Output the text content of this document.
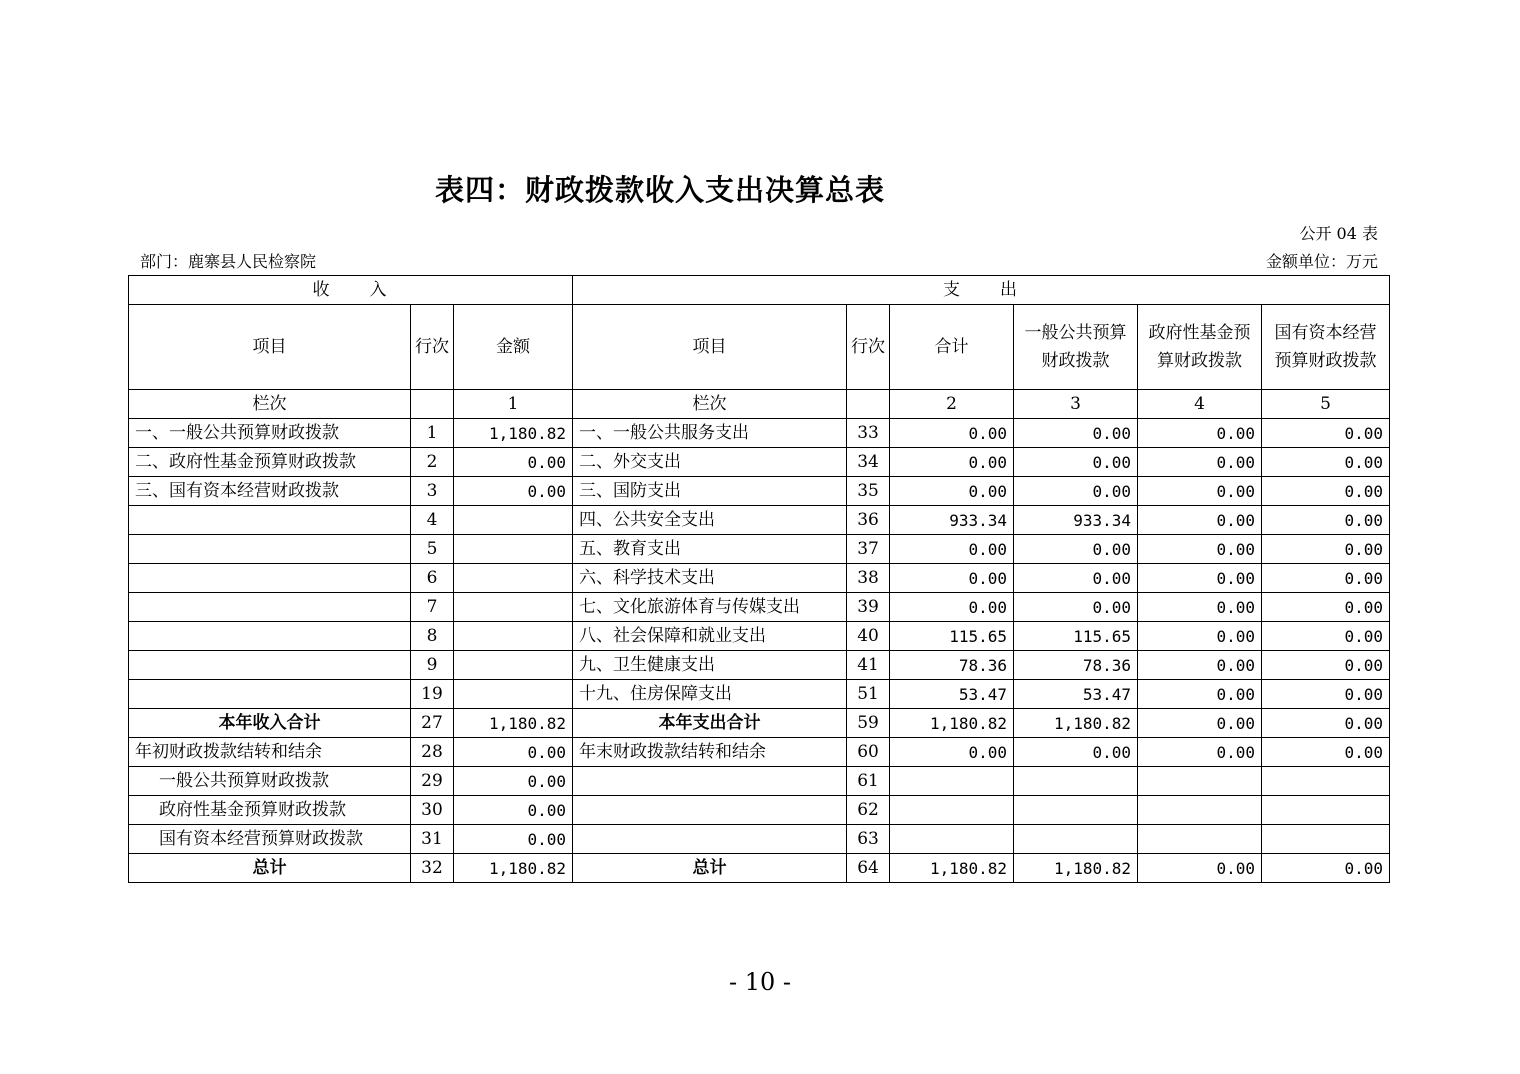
表四：财政拨款收入支出决算总表
公开 04 表
部门：鹿寨县人民检察院	金额单位：万元
收　　入			支　　出					
项目	行次	金额	项目	行次	合计	一般公共预算财政拨款	政府性基金预算财政拨款	国有资本经营预算财政拨款
栏次		1	栏次		2	3	4	5
一、一般公共预算财政拨款	1	1,180.82	一、一般公共服务支出	33	0.00	0.00	0.00	0.00
二、政府性基金预算财政拨款	2	0.00	二、外交支出	34	0.00	0.00	0.00	0.00
三、国有资本经营财政拨款	3	0.00	三、国防支出	35	0.00	0.00	0.00	0.00
	4		四、公共安全支出	36	933.34	933.34	0.00	0.00
	5		五、教育支出	37	0.00	0.00	0.00	0.00
	6		六、科学技术支出	38	0.00	0.00	0.00	0.00
	7		七、文化旅游体育与传媒支出	39	0.00	0.00	0.00	0.00
	8		八、社会保障和就业支出	40	115.65	115.65	0.00	0.00
	9		九、卫生健康支出	41	78.36	78.36	0.00	0.00
	19		十九、住房保障支出	51	53.47	53.47	0.00	0.00
本年收入合计	27	1,180.82	本年支出合计	59	1,180.82	1,180.82	0.00	0.00
年初财政拨款结转和结余	28	0.00	年末财政拨款结转和结余	60	0.00	0.00	0.00	0.00
一般公共预算财政拨款	29	0.00		61				
政府性基金预算财政拨款	30	0.00		62				
国有资本经营预算财政拨款	31	0.00		63				
总计	32	1,180.82	总计	64	1,180.82	1,180.82	0.00	0.00
- 10 -
